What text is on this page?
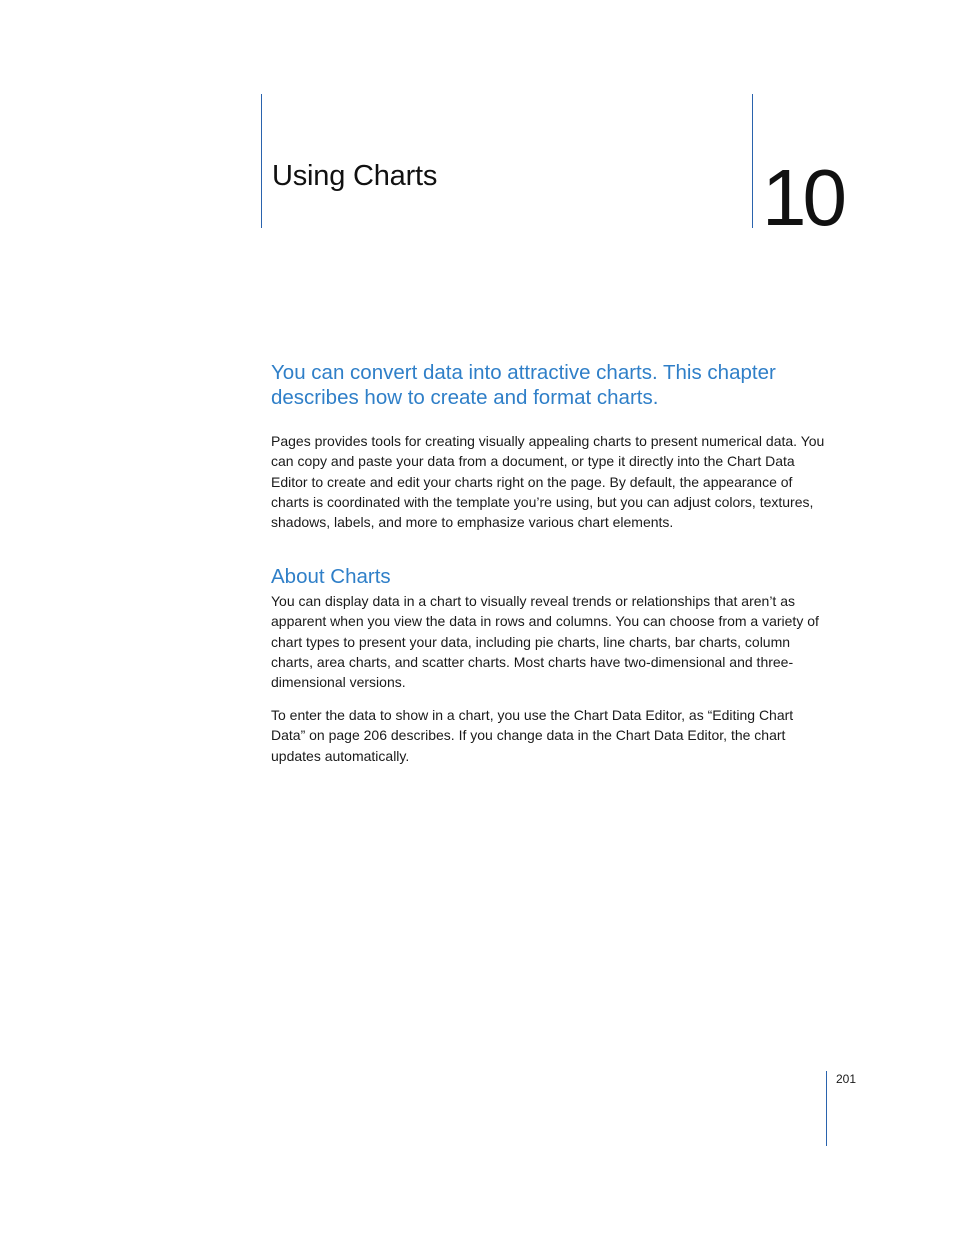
Using Charts	10

You can convert data into attractive charts. This chapter describes how to create and format charts.

Pages provides tools for creating visually appealing charts to present numerical data. You can copy and paste your data from a document, or type it directly into the Chart Data Editor to create and edit your charts right on the page. By default, the appearance of charts is coordinated with the template you’re using, but you can adjust colors, textures, shadows, labels, and more to emphasize various chart elements.

About Charts

You can display data in a chart to visually reveal trends or relationships that aren’t as apparent when you view the data in rows and columns. You can choose from a variety of chart types to present your data, including pie charts, line charts, bar charts, column charts, area charts, and scatter charts. Most charts have two-dimensional and three-dimensional versions.

To enter the data to show in a chart, you use the Chart Data Editor, as “Editing Chart Data” on page 206 describes. If you change data in the Chart Data Editor, the chart updates automatically.

201
